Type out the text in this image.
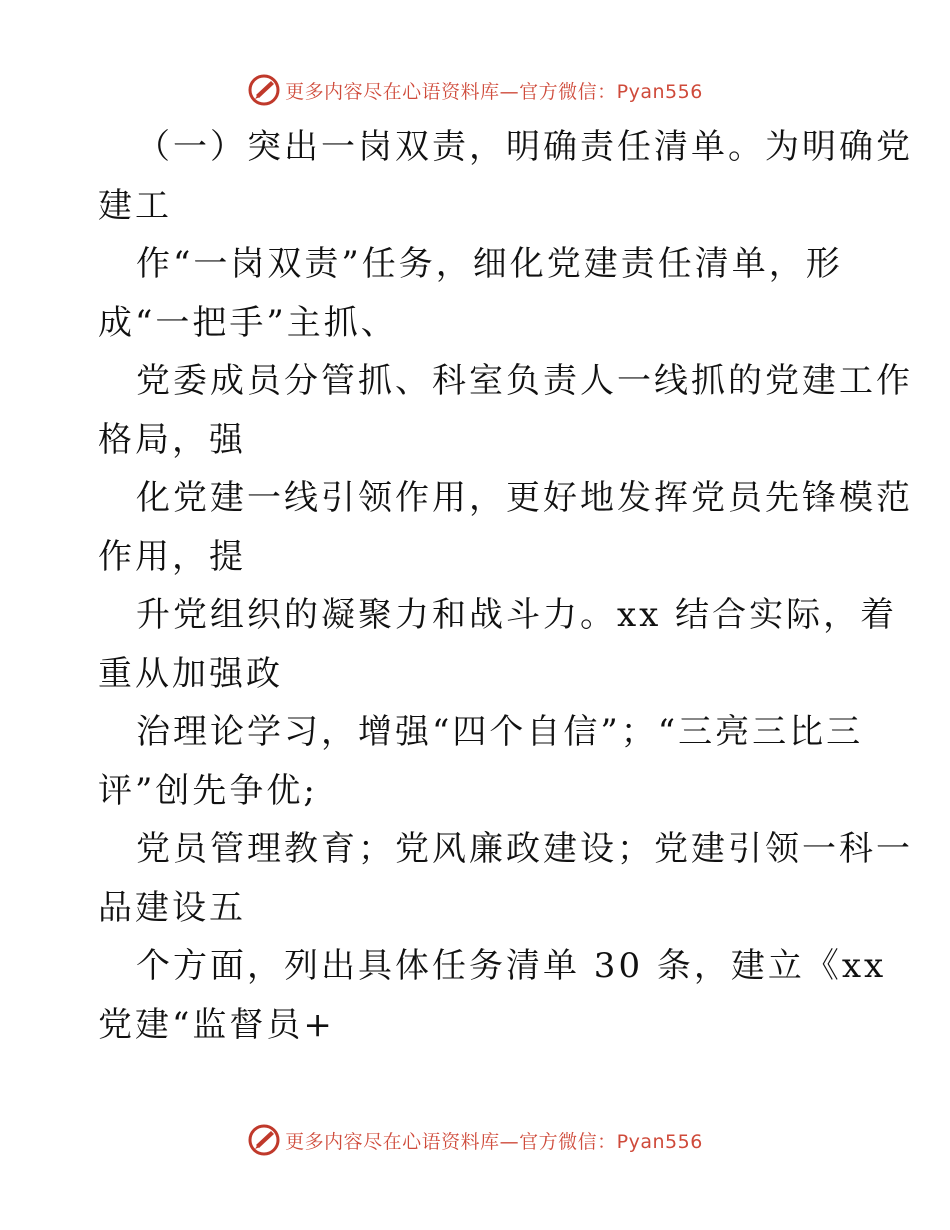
更多内容尽在心语资料库—官方微信：Pyan556
（一）突出一岗双责，明确责任清单。为明确党
建工
作“一岗双责”任务，细化党建责任清单，形
成“一把手”主抓、
党委成员分管抓、科室负责人一线抓的党建工作
格局，强
化党建一线引领作用，更好地发挥党员先锋模范
作用，提
升党组织的凝聚力和战斗力。xx 结合实际，着
重从加强政
治理论学习，增强“四个自信”；“三亮三比三
评”创先争优;
党员管理教育；党风廉政建设；党建引领一科一
品建设五
个方面，列出具体任务清单 30 条，建立《xx
党建“监督员+
更多内容尽在心语资料库—官方微信：Pyan556
